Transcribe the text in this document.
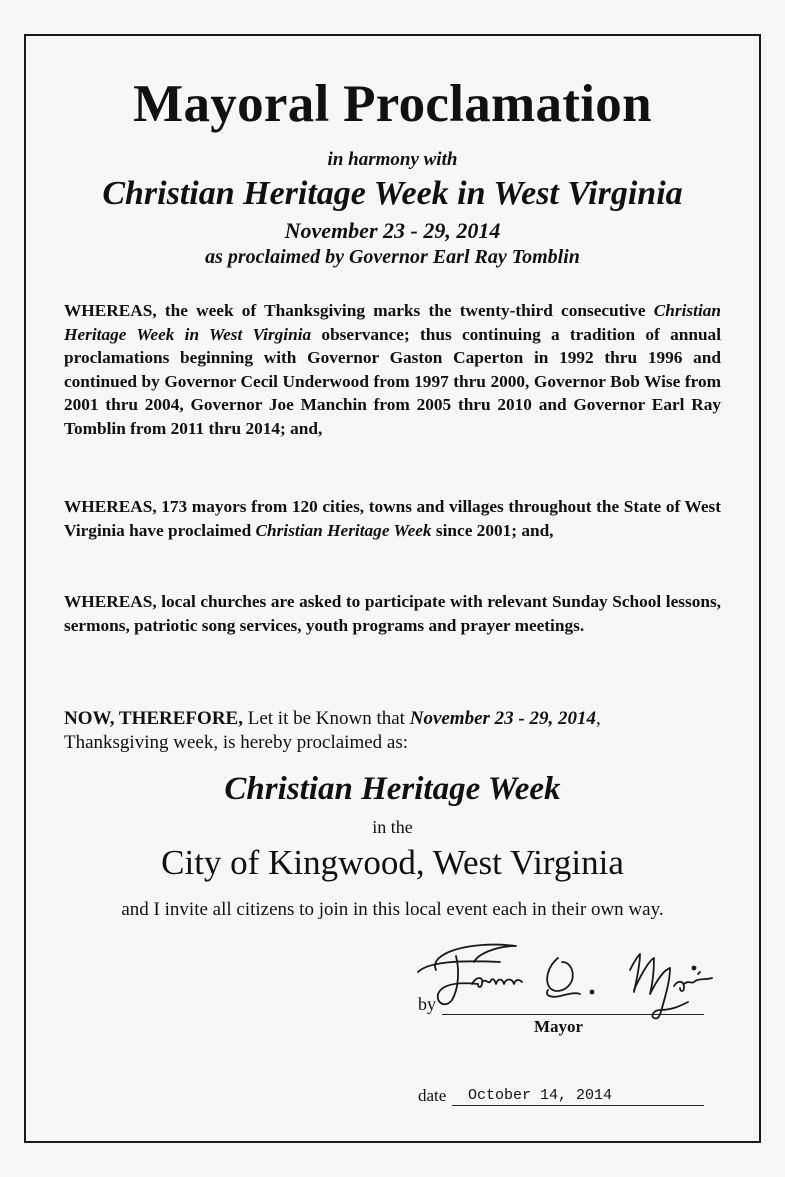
Mayoral Proclamation
in harmony with
Christian Heritage Week in West Virginia
November 23 - 29, 2014
as proclaimed by Governor Earl Ray Tomblin

WHEREAS, the week of Thanksgiving marks the twenty-third consecutive Christian Heritage Week in West Virginia observance; thus continuing a tradition of annual proclamations beginning with Governor Gaston Caperton in 1992 thru 1996 and continued by Governor Cecil Underwood from 1997 thru 2000, Governor Bob Wise from 2001 thru 2004, Governor Joe Manchin from 2005 thru 2010 and Governor Earl Ray Tomblin from 2011 thru 2014; and,

WHEREAS, 173 mayors from 120 cities, towns and villages throughout the State of West Virginia have proclaimed Christian Heritage Week since 2001; and,

WHEREAS, local churches are asked to participate with relevant Sunday School lessons, sermons, patriotic song services, youth programs and prayer meetings.

NOW, THEREFORE, Let it be Known that November 23 - 29, 2014,
Thanksgiving week, is hereby proclaimed as:

Christian Heritage Week
in the
City of Kingwood, West Virginia
and I invite all citizens to join in this local event each in their own way.
by
Mayor
date	October 14, 2014
